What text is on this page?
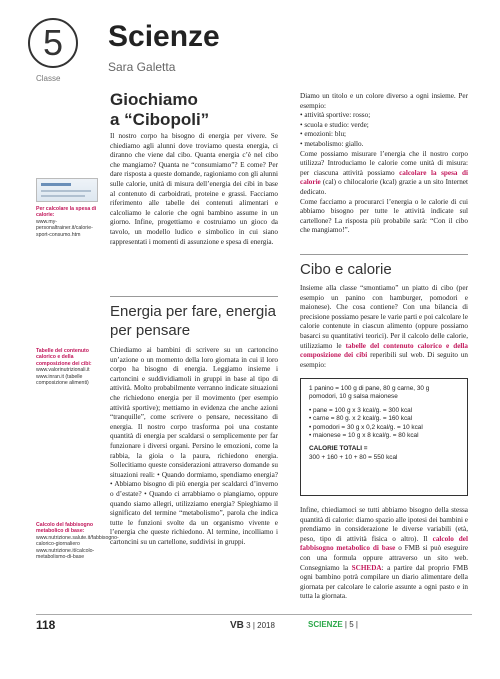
5
Classe
Scienze
Sara Galetta
Giochiamo
a “Cibopoli”
Per calcolare la spesa di calorie:
www.my-personaltrainer.it/calorie-sport-consumo.htm
Tabelle del contenuto calorico e della composizione dei cibi:
www.valorinutrizionali.it
www.inran.it (tabelle composizione alimenti)
Calcolo del fabbisogno metabolico di base:
www.nutrizione.salute.it/fabbisogno-calorico-giornaliero
www.nutrizione.it/calcolo-metabolismo-di-base

Il nostro corpo ha bisogno di energia per vivere. Se chiediamo agli alunni dove troviamo questa energia, ci diranno che viene dal cibo. Quanta energia c’è nel cibo che mangiamo? Quanta ne “consumiamo”? E come? Per dare risposta a queste domande, ragioniamo con gli alunni sulle calorie, unità di misura dell’energia dei cibi in base al contenuto di carboidrati, proteine e grassi. Facciamo riferimento alle tabelle dei contenuti alimentari e calcoliamo le calorie che ogni bambino assume in un giorno. Infine, progettiamo e costruiamo un gioco da tavolo, un modello ludico e simbolico in cui siano rappresentati i momenti di assunzione e spesa di energia.

Energia per fare, energia
per pensare

Chiediamo ai bambini di scrivere su un cartoncino un’azione o un momento della loro giornata in cui il loro corpo ha bisogno di energia. Leggiamo insieme i cartoncini e suddividiamoli in gruppi in base al tipo di attività. Molto probabilmente verranno indicate situazioni che richiedono energia per il movimento (per esempio attività sportive); mettiamo in evidenza che anche azioni “tranquille”, come scrivere o pensare, necessitano di energia. Il nostro corpo trasforma poi una costante quantità di energia per scaldarsi o semplicemente per far funzionare i diversi organi. Persino le emozioni, come la rabbia, la gioia o la paura, richiedono energia. Sollecitiamo queste considerazioni attraverso domande su situazioni reali: • Quando dormiamo, spendiamo energia? • Abbiamo bisogno di più energia per scaldarci d’inverno o d’estate? • Quando ci arrabbiamo o piangiamo, oppure quando siamo allegri, utilizziamo energia? Spieghiamo il significato del termine “metabolismo”, parola che indica tutte le funzioni svolte da un organismo vivente e l’energia che queste richiedono. Al termine, incolliamo i cartoncini su un cartellone, suddivisi in gruppi.

Diamo un titolo e un colore diverso a ogni insieme. Per esempio:

• attività sportive: rosso;

• scuola e studio: verde;

• emozioni: blu;

• metabolismo: giallo.

Come possiamo misurare l’energia che il nostro corpo utilizza? Introduciamo le calorie come unità di misura: per ciascuna attività possiamo calcolare la spesa di calorie (cal) o chilocalorie (kcal) grazie a un sito Internet dedicato.

Come facciamo a procurarci l’energia o le calorie di cui abbiamo bisogno per tutte le attività indicate sul cartellone? La risposta più probabile sarà: “Con il cibo che mangiamo!”.

Cibo e calorie

Insieme alla classe “smontiamo” un piatto di cibo (per esempio un panino con hamburger, pomodori e maionese). Che cosa contiene? Con una bilancia di precisione possiamo pesare le varie parti e poi calcolare le calorie contenute in ciascun alimento (oppure possiamo basarci su quantitativi teorici). Per il calcolo delle calorie, utilizziamo le tabelle del contenuto calorico e della composizione dei cibi reperibili sul web. Di seguito un esempio:

1 panino = 100 g di pane, 80 g carne, 30 g
pomodori, 10 g salsa maionese
• pane = 100 g x 3 kcal/g. = 300 kcal
• carne = 80 g. x 2 kcal/g. = 160 kcal
• pomodori = 30 g x 0,2 kcal/g. = 10 kcal
• maionese = 10 g x 8 kcal/g. = 80 kcal
CALORIE TOTALI =
300 + 160 + 10 + 80 = 550 kcal

Infine, chiediamoci se tutti abbiamo bisogno della stessa quantità di calorie: diamo spazio alle ipotesi dei bambini e prendiamo in considerazione le diverse variabili (età, peso, tipo di attività fisica o altro). Il calcolo del fabbisogno metabolico di base o FMB si può eseguire con una formula oppure attraverso un sito web. Consegniamo la SCHEDA: a partire dal proprio FMB ogni bambino potrà compilare un diario alimentare della giornata per calcolare le calorie assunte a ogni pasto e in tutta la giornata.

118	VB 3 | 2018	SCIENZE | 5 |
